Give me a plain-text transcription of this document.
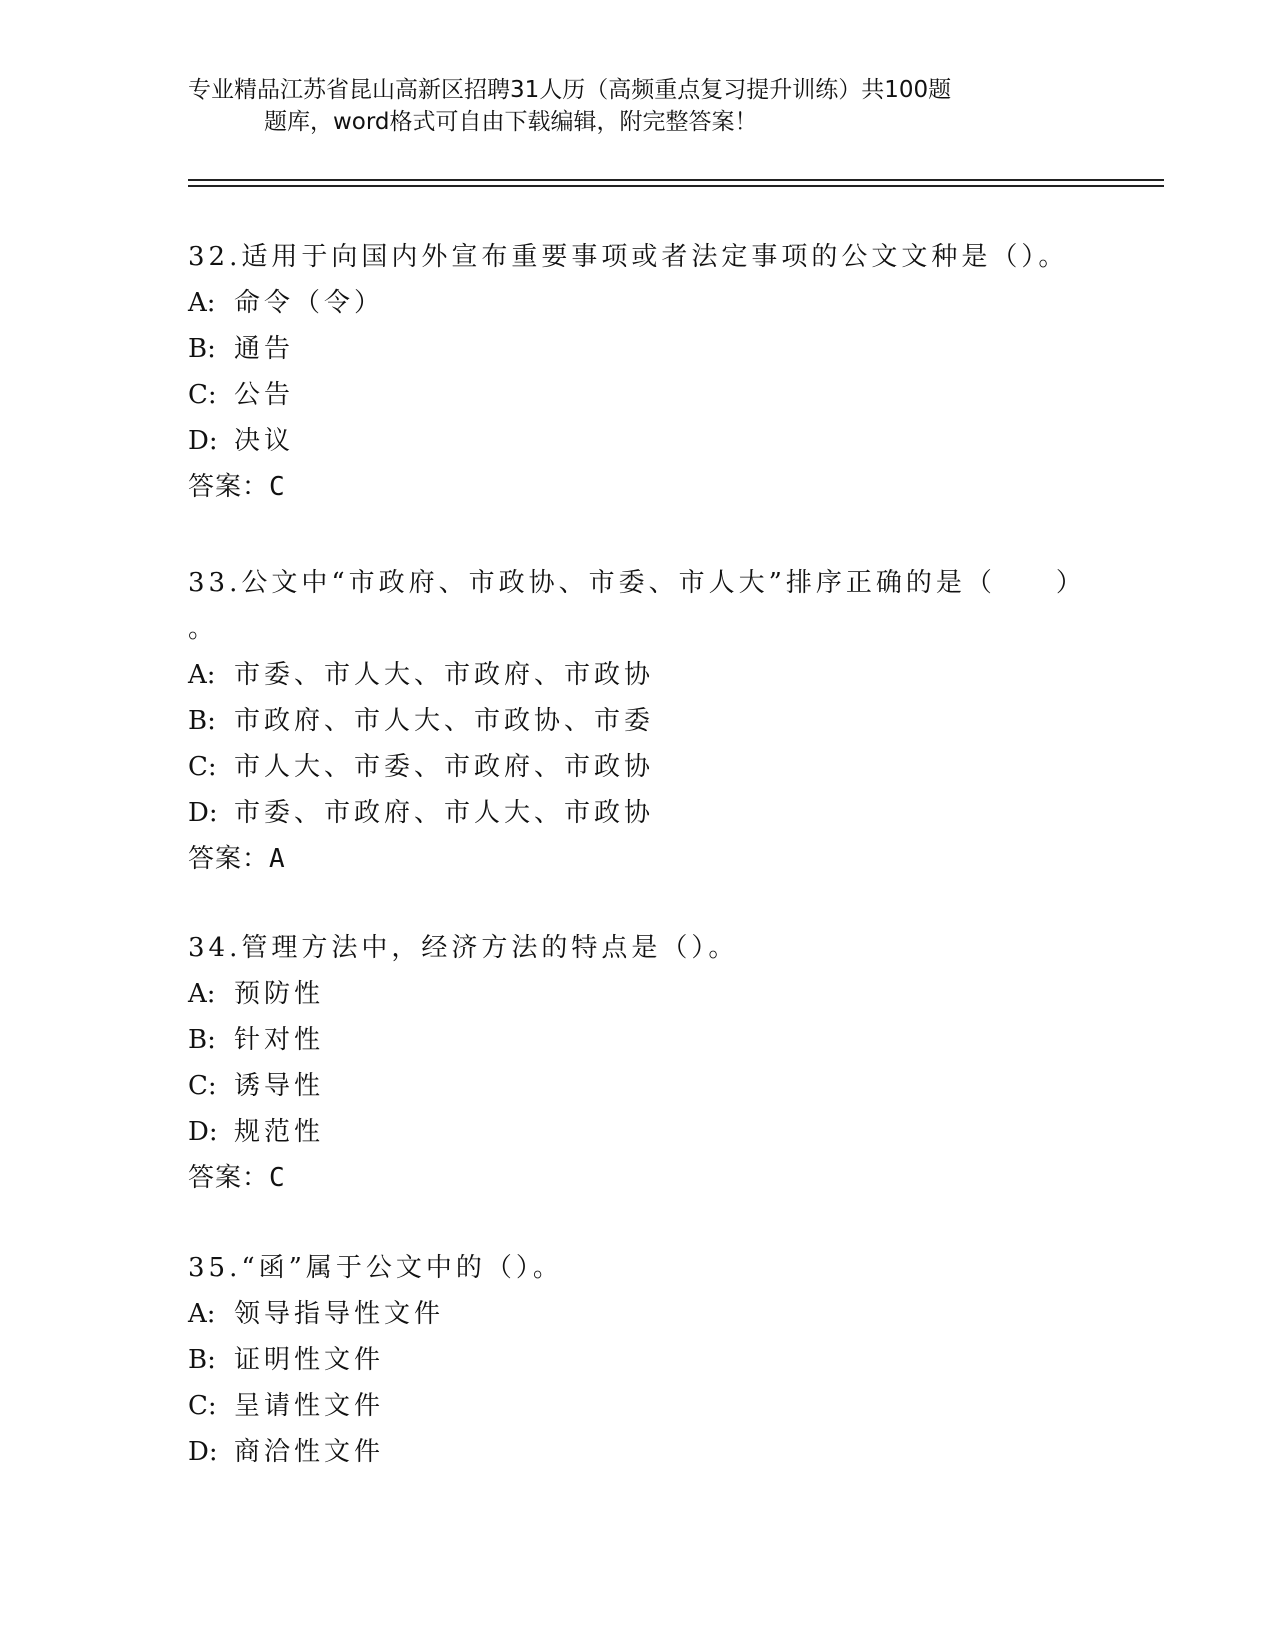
专业精品江苏省昆山高新区招聘31人历（高频重点复习提升训练）共100题
题库，word格式可自由下载编辑，附完整答案！
32.适用于向国内外宣布重要事项或者法定事项的公文文种是（）。
A: 命令（令）
B: 通告
C: 公告
D: 决议
答案：C
33.公文中“市政府、市政协、市委、市人大”排序正确的是（　　）
。
A: 市委、市人大、市政府、市政协
B: 市政府、市人大、市政协、市委
C: 市人大、市委、市政府、市政协
D: 市委、市政府、市人大、市政协
答案：A
34.管理方法中，经济方法的特点是（）。
A: 预防性
B: 针对性
C: 诱导性
D: 规范性
答案：C
35.“函”属于公文中的（）。
A: 领导指导性文件
B: 证明性文件
C: 呈请性文件
D: 商洽性文件
